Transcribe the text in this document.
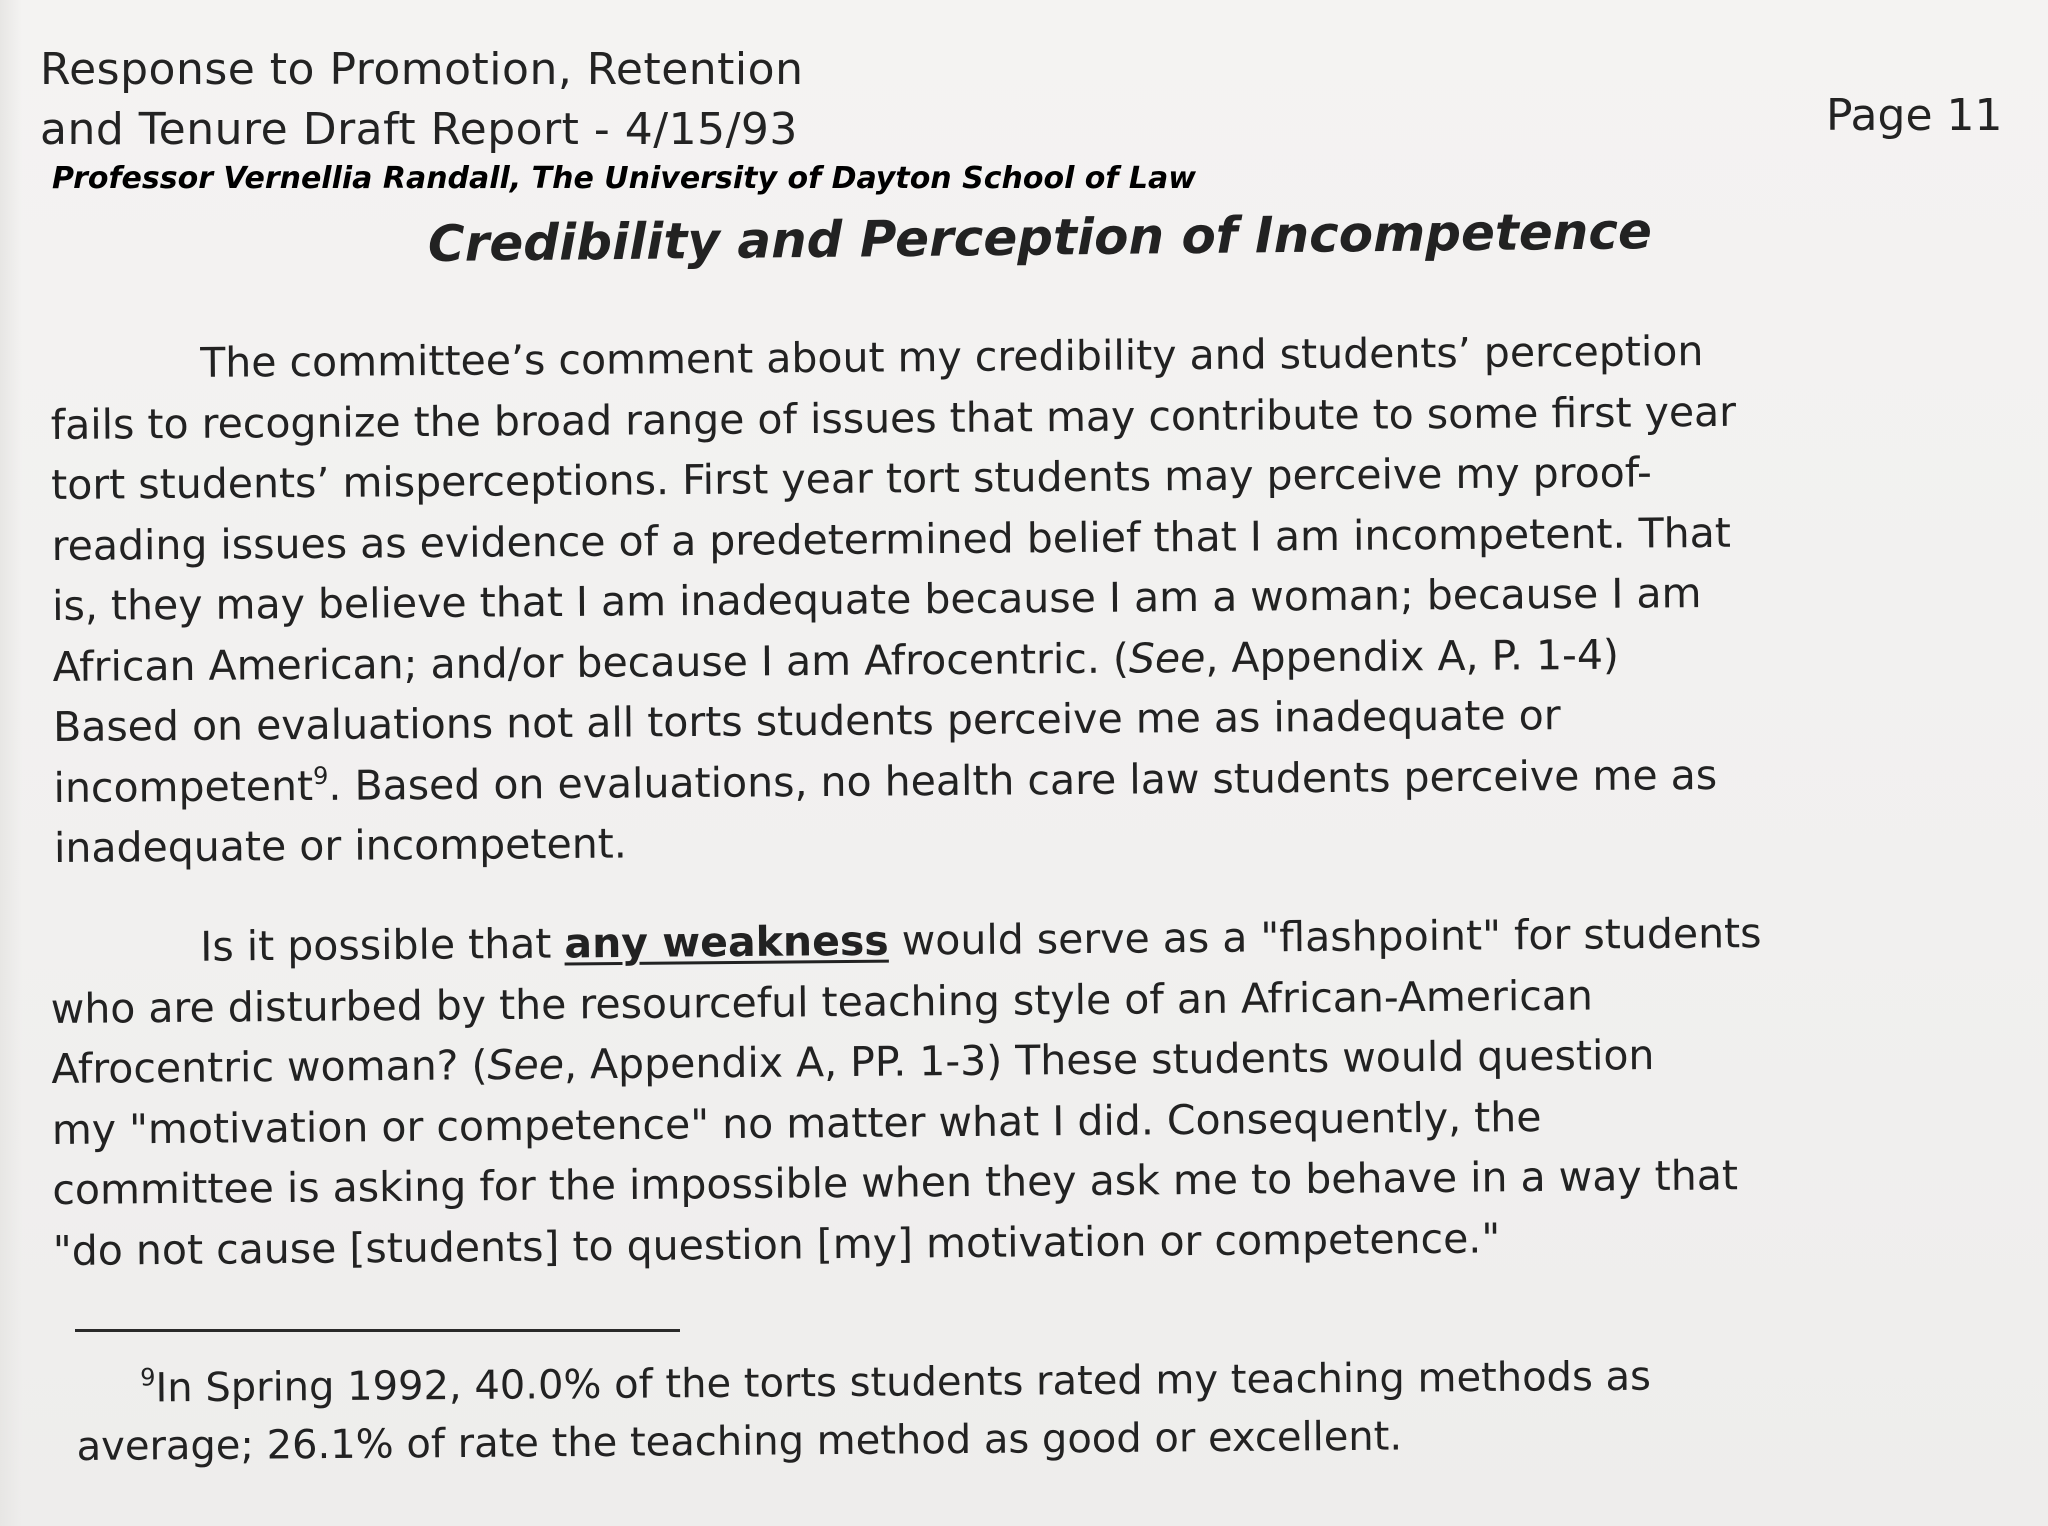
Response to Promotion, Retention
and Tenure Draft Report - 4/15/93	Page 11
Professor Vernellia Randall, The University of Dayton School of Law
Credibility and Perception of Incompetence
The committee’s comment about my credibility and students’ perception
fails to recognize the broad range of issues that may contribute to some first year
tort students’ misperceptions. First year tort students may perceive my proof-
reading issues as evidence of a predetermined belief that I am incompetent. That
is, they may believe that I am inadequate because I am a woman; because I am
African American; and/or because I am Afrocentric. (See, Appendix A, P. 1-4)
Based on evaluations not all torts students perceive me as inadequate or
incompetent$^9$. Based on evaluations, no health care law students perceive me as
inadequate or incompetent.
Is it possible that any weakness would serve as a "flashpoint" for students
who are disturbed by the resourceful teaching style of an African-American
Afrocentric woman? (See, Appendix A, PP. 1-3) These students would question
my "motivation or competence" no matter what I did. Consequently, the
committee is asking for the impossible when they ask me to behave in a way that
"do not cause [students] to question [my] motivation or competence."
$^9$In Spring 1992, 40.0% of the torts students rated my teaching methods as
average; 26.1% of rate the teaching method as good or excellent.
